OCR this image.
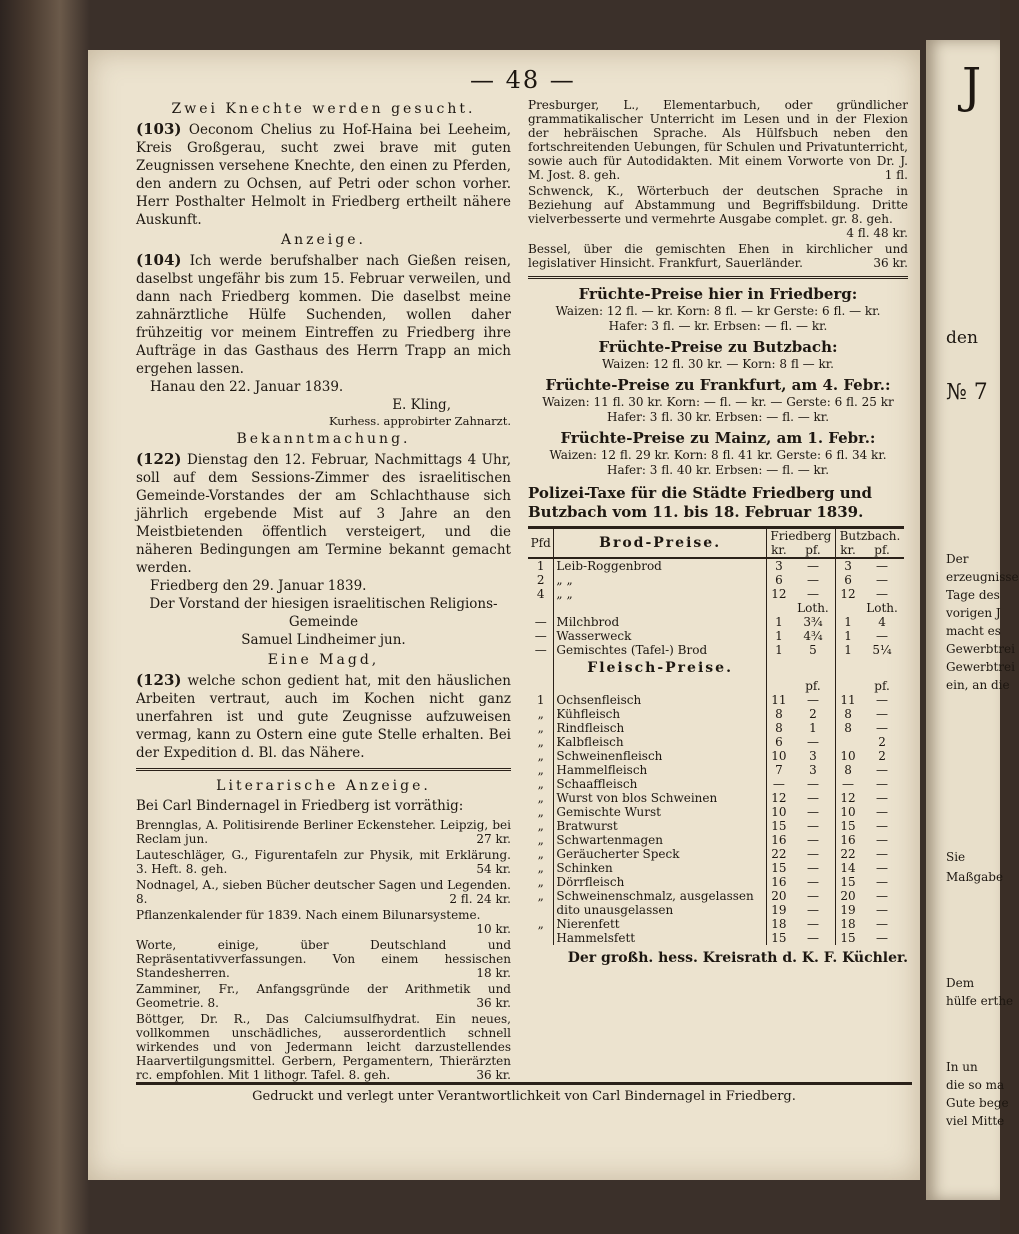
J
den
№ 7
Der
erzeugnisse
Tage des
vorigen J
macht es
Gewerbtrei
Gewerbtrei
ein, an die
Sie
Maßgabe
Dem
hülfe erthe
In un
die so ma
Gute bege
viel Mitte
— 48 —
Zwei Knechte werden gesucht.

(103) Oeconom Chelius zu Hof-Haina bei Leeheim, Kreis Großgerau, sucht zwei brave mit guten Zeugnissen versehene Knechte, den einen zu Pferden, den andern zu Ochsen, auf Petri oder schon vorher. Herr Posthalter Helmolt in Friedberg ertheilt nähere Auskunft.

Anzeige.

(104) Ich werde berufshalber nach Gießen reisen, daselbst ungefähr bis zum 15. Februar verweilen, und dann nach Friedberg kommen. Die daselbst meine zahnärztliche Hülfe Suchenden, wollen daher frühzeitig vor meinem Eintreffen zu Friedberg ihre Aufträge in das Gasthaus des Herrn Trapp an mich ergehen lassen.

Hanau den 22. Januar 1839.

E. Kling,

Kurhess. approbirter Zahnarzt.

Bekanntmachung.

(122) Dienstag den 12. Februar, Nachmittags 4 Uhr, soll auf dem Sessions-Zimmer des israelitischen Gemeinde-Vorstandes der am Schlachthause sich jährlich ergebende Mist auf 3 Jahre an den Meistbietenden öffentlich versteigert, und die näheren Bedingungen am Termine bekannt gemacht werden.

Friedberg den 29. Januar 1839.

Der Vorstand der hiesigen israelitischen Religions-Gemeinde

Samuel Lindheimer jun.

Eine Magd,

(123) welche schon gedient hat, mit den häuslichen Arbeiten vertraut, auch im Kochen nicht ganz unerfahren ist und gute Zeugnisse aufzuweisen vermag, kann zu Ostern eine gute Stelle erhalten. Bei der Expedition d. Bl. das Nähere.

Literarische Anzeige.

Bei Carl Bindernagel in Friedberg ist vorräthig:

Brennglas, A. Politisirende Berliner Eckensteher. Leipzig, bei Reclam jun.	27 kr.
Lauteschläger, G., Figurentafeln zur Physik, mit Erklärung. 3. Heft. 8. geh.	54 kr.
Nodnagel, A., sieben Bücher deutscher Sagen und Legenden. 8.	2 fl. 24 kr.
Pflanzenkalender für 1839. Nach einem Bilunarsysteme.
10 kr.
Worte, einige, über Deutschland und Repräsentativverfassungen. Von einem hessischen Standesherren.	18 kr.
Zamminer, Fr., Anfangsgründe der Arithmetik und Geometrie. 8.	36 kr.
Böttger, Dr. R., Das Calciumsulfhydrat. Ein neues, vollkommen unschädliches, ausserordentlich schnell wirkendes und von Jedermann leicht darzustellendes Haarvertilgungsmittel. Gerbern, Pergamentern, Thierärzten rc. empfohlen. Mit 1 lithogr. Tafel. 8. geh.	36 kr.
Presburger, L., Elementarbuch, oder gründlicher grammatikalischer Unterricht im Lesen und in der Flexion der hebräischen Sprache. Als Hülfsbuch neben den fortschreitenden Uebungen, für Schulen und Privatunterricht, sowie auch für Autodidakten. Mit einem Vorworte von Dr. J. M. Jost. 8. geh.	1 fl.
Schwenck, K., Wörterbuch der deutschen Sprache in Beziehung auf Abstammung und Begriffsbildung. Dritte vielverbesserte und vermehrte Ausgabe complet. gr. 8. geh.
4 fl. 48 kr.
Bessel, über die gemischten Ehen in kirchlicher und legislativer Hinsicht. Frankfurt, Sauerländer.	36 kr.
Früchte-Preise hier in Friedberg:

Waizen: 12 fl. — kr. Korn: 8 fl. — kr Gerste: 6 fl. — kr.

Hafer: 3 fl. — kr. Erbsen: — fl. — kr.

Früchte-Preise zu Butzbach:

Waizen: 12 fl. 30 kr. — Korn: 8 fl — kr.

Früchte-Preise zu Frankfurt, am 4. Febr.:

Waizen: 11 fl. 30 kr. Korn: — fl. — kr. — Gerste: 6 fl. 25 kr

Hafer: 3 fl. 30 kr. Erbsen: — fl. — kr.

Früchte-Preise zu Mainz, am 1. Febr.:

Waizen: 12 fl. 29 kr. Korn: 8 fl. 41 kr. Gerste: 6 fl. 34 kr.

Hafer: 3 fl. 40 kr. Erbsen: — fl. — kr.

Polizei-Taxe für die Städte Friedberg und Butzbach vom 11. bis 18. Februar 1839.
Pfd	Brod-Preise.	Friedberg		Butzbach.	
		kr.	pf.	kr.	pf.
1	Leib-Roggenbrod	3	—	3	—
2	„ „	6	—	6	—
4	„ „	12	—	12	—
			Loth.		Loth.
—	Milchbrod	1	3¾	1	4
—	Wasserweck	1	4¾	1	—
—	Gemischtes (Tafel-) Brod	1	5	1	5¼
	Fleisch-Preise.				
			pf.		pf.
1	Ochsenfleisch	11	—	11	—
„	Kühfleisch	8	2	8	—
„	Rindfleisch	8	1	8	—
„	Kalbfleisch	6	—		2
„	Schweinenfleisch	10	3	10	2
„	Hammelfleisch	7	3	8	—
„	Schaaffleisch	—	—	—	—
„	Wurst von blos Schweinen	12	—	12	—
„	Gemischte Wurst	10	—	10	—
„	Bratwurst	15	—	15	—
„	Schwartenmagen	16	—	16	—
„	Geräucherter Speck	22	—	22	—
„	Schinken	15	—	14	—
„	Dörrfleisch	16	—	15	—
„	Schweinenschmalz, ausgelassen	20	—	20	—
	dito unausgelassen	19	—	19	—
„	Nierenfett	18	—	18	—
	Hammelsfett	15	—	15	—

Der großh. hess. Kreisrath d. K. F. Küchler.

Gedruckt und verlegt unter Verantwortlichkeit von Carl Bindernagel in Friedberg.
